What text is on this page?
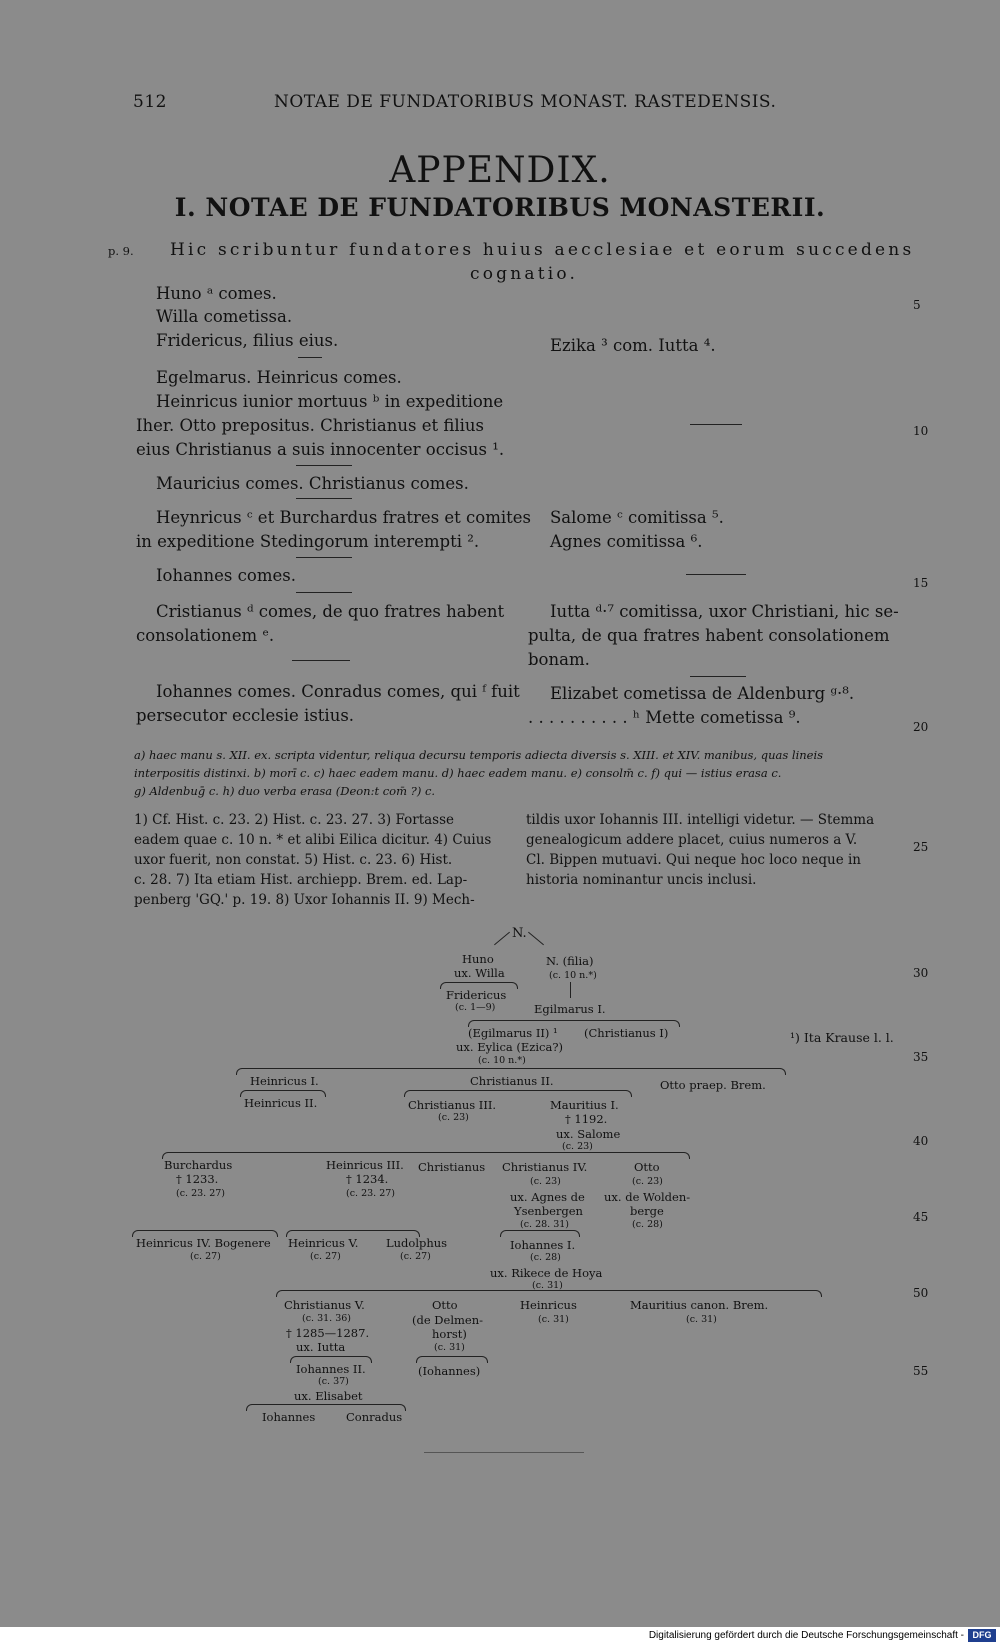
512	NOTAE DE FUNDATORIBUS MONAST. RASTEDENSIS.
APPENDIX.
I. NOTAE DE FUNDATORIBUS MONASTERII.
p. 9. Hic scribuntur fundatores huius aecclesiae et eorum succedens
cognatio.
5
10
15
20
25
30
35
40
45
50
55
Huno ᵃ comes.
Willa cometissa.
Fridericus, filius eius.
Egelmarus. Heinricus comes.
Heinricus iunior mortuus ᵇ in expeditione
Iher. Otto prepositus. Christianus et filius
eius Christianus a suis innocenter occisus ¹.
Mauricius comes. Christianus comes.
Heynricus ᶜ et Burchardus fratres et comites
in expeditione Stedingorum interempti ².
Iohannes comes.
Cristianus ᵈ comes, de quo fratres habent
consolationem ᵉ.
Iohannes comes. Conradus comes, qui ᶠ fuit
persecutor ecclesie istius.
Ezika ³ com. Iutta ⁴.
Salome ᶜ comitissa ⁵.
Agnes comitissa ⁶.
Iutta ᵈ·⁷ comitissa, uxor Christiani, hic se-
pulta, de qua fratres habent consolationem
bonam.
Elizabet cometissa de Aldenburg ᵍ·⁸.
. . . . . . . . . . ʰ Mette cometissa ⁹.
a) haec manu s. XII. ex. scripta videntur, reliqua decursu temporis adiecta diversis s. XIII. et XIV. manibus, quas lineis
interpositis distinxi. b) morī c. c) haec eadem manu. d) haec eadem manu. e) consolm̄ c. f) qui — istius erasa c.
g) Aldenbuḡ c. h) duo verba erasa (Deon:t com̄ ?) c.
1) Cf. Hist. c. 23. 2) Hist. c. 23. 27. 3) Fortasse
eadem quae c. 10 n. * et alibi Eilica dicitur. 4) Cuius
uxor fuerit, non constat. 5) Hist. c. 23. 6) Hist.
c. 28. 7) Ita etiam Hist. archiepp. Brem. ed. Lap-
penberg 'GQ.' p. 19. 8) Uxor Iohannis II. 9) Mech-
tildis uxor Iohannis III. intelligi videtur. — Stemma
genealogicum addere placet, cuius numeros a V.
Cl. Bippen mutuavi. Qui neque hoc loco neque in
historia nominantur uncis inclusi.
N.
Huno
ux. Willa
N. (filia)
(c. 10 n.*)
Fridericus
(c. 1—9)	Egilmarus I.
(Egilmarus II) ¹ (Christianus I)
ux. Eylica (Ezica?)
(c. 10 n.*)
¹) Ita Krause l. l.
Heinricus I.	Christianus II.	Otto praep. Brem.
Heinricus II.	Christianus III.
(c. 23)
Mauritius I.
† 1192.
ux. Salome
(c. 23)
Burchardus
† 1233.
(c. 23. 27)
Heinricus III.
† 1234.
(c. 23. 27)
Christianus Christianus IV.
(c. 23)
ux. Agnes de
Ysenbergen
(c. 28. 31)
Otto
(c. 23)
ux. de Wolden-
berge
(c. 28)
Heinricus IV. Bogenere
(c. 27)
Heinricus V.
(c. 27)
Ludolphus
(c. 27)
Iohannes I.
(c. 28)
ux. Rikece de Hoya
(c. 31)
Christianus V.
(c. 31. 36)
† 1285—1287.
ux. Iutta
Otto
(de Delmen-
horst)
(c. 31)
Heinricus
(c. 31)
Mauritius canon. Brem.
(c. 31)
Iohannes II.
(c. 37)
ux. Elisabet
(Iohannes)
Iohannes	Conradus
Digitalisierung gefördert durch die Deutsche Forschungsgemeinschaft - DFG
